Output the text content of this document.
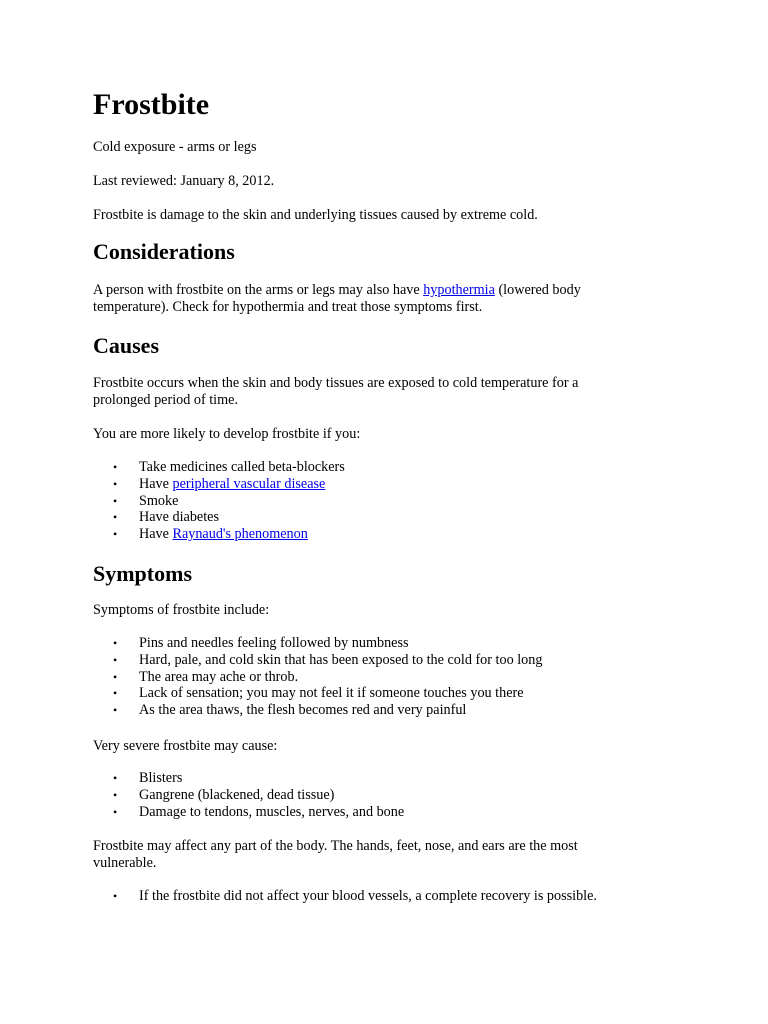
Frostbite

Cold exposure - arms or legs

Last reviewed: January 8, 2012.

Frostbite is damage to the skin and underlying tissues caused by extreme cold.

Considerations

A person with frostbite on the arms or legs may also have hypothermia (lowered body

temperature). Check for hypothermia and treat those symptoms first.

Causes

Frostbite occurs when the skin and body tissues are exposed to cold temperature for a

prolonged period of time.

You are more likely to develop frostbite if you:

• Take medicines called beta-blockers
• Have peripheral vascular disease
• Smoke
• Have diabetes
• Have Raynaud's phenomenon
Symptoms

Symptoms of frostbite include:

• Pins and needles feeling followed by numbness
• Hard, pale, and cold skin that has been exposed to the cold for too long
• The area may ache or throb.
• Lack of sensation; you may not feel it if someone touches you there
• As the area thaws, the flesh becomes red and very painful

Very severe frostbite may cause:

• Blisters
• Gangrene (blackened, dead tissue)
• Damage to tendons, muscles, nerves, and bone

Frostbite may affect any part of the body. The hands, feet, nose, and ears are the most

vulnerable.

• If the frostbite did not affect your blood vessels, a complete recovery is possible.
